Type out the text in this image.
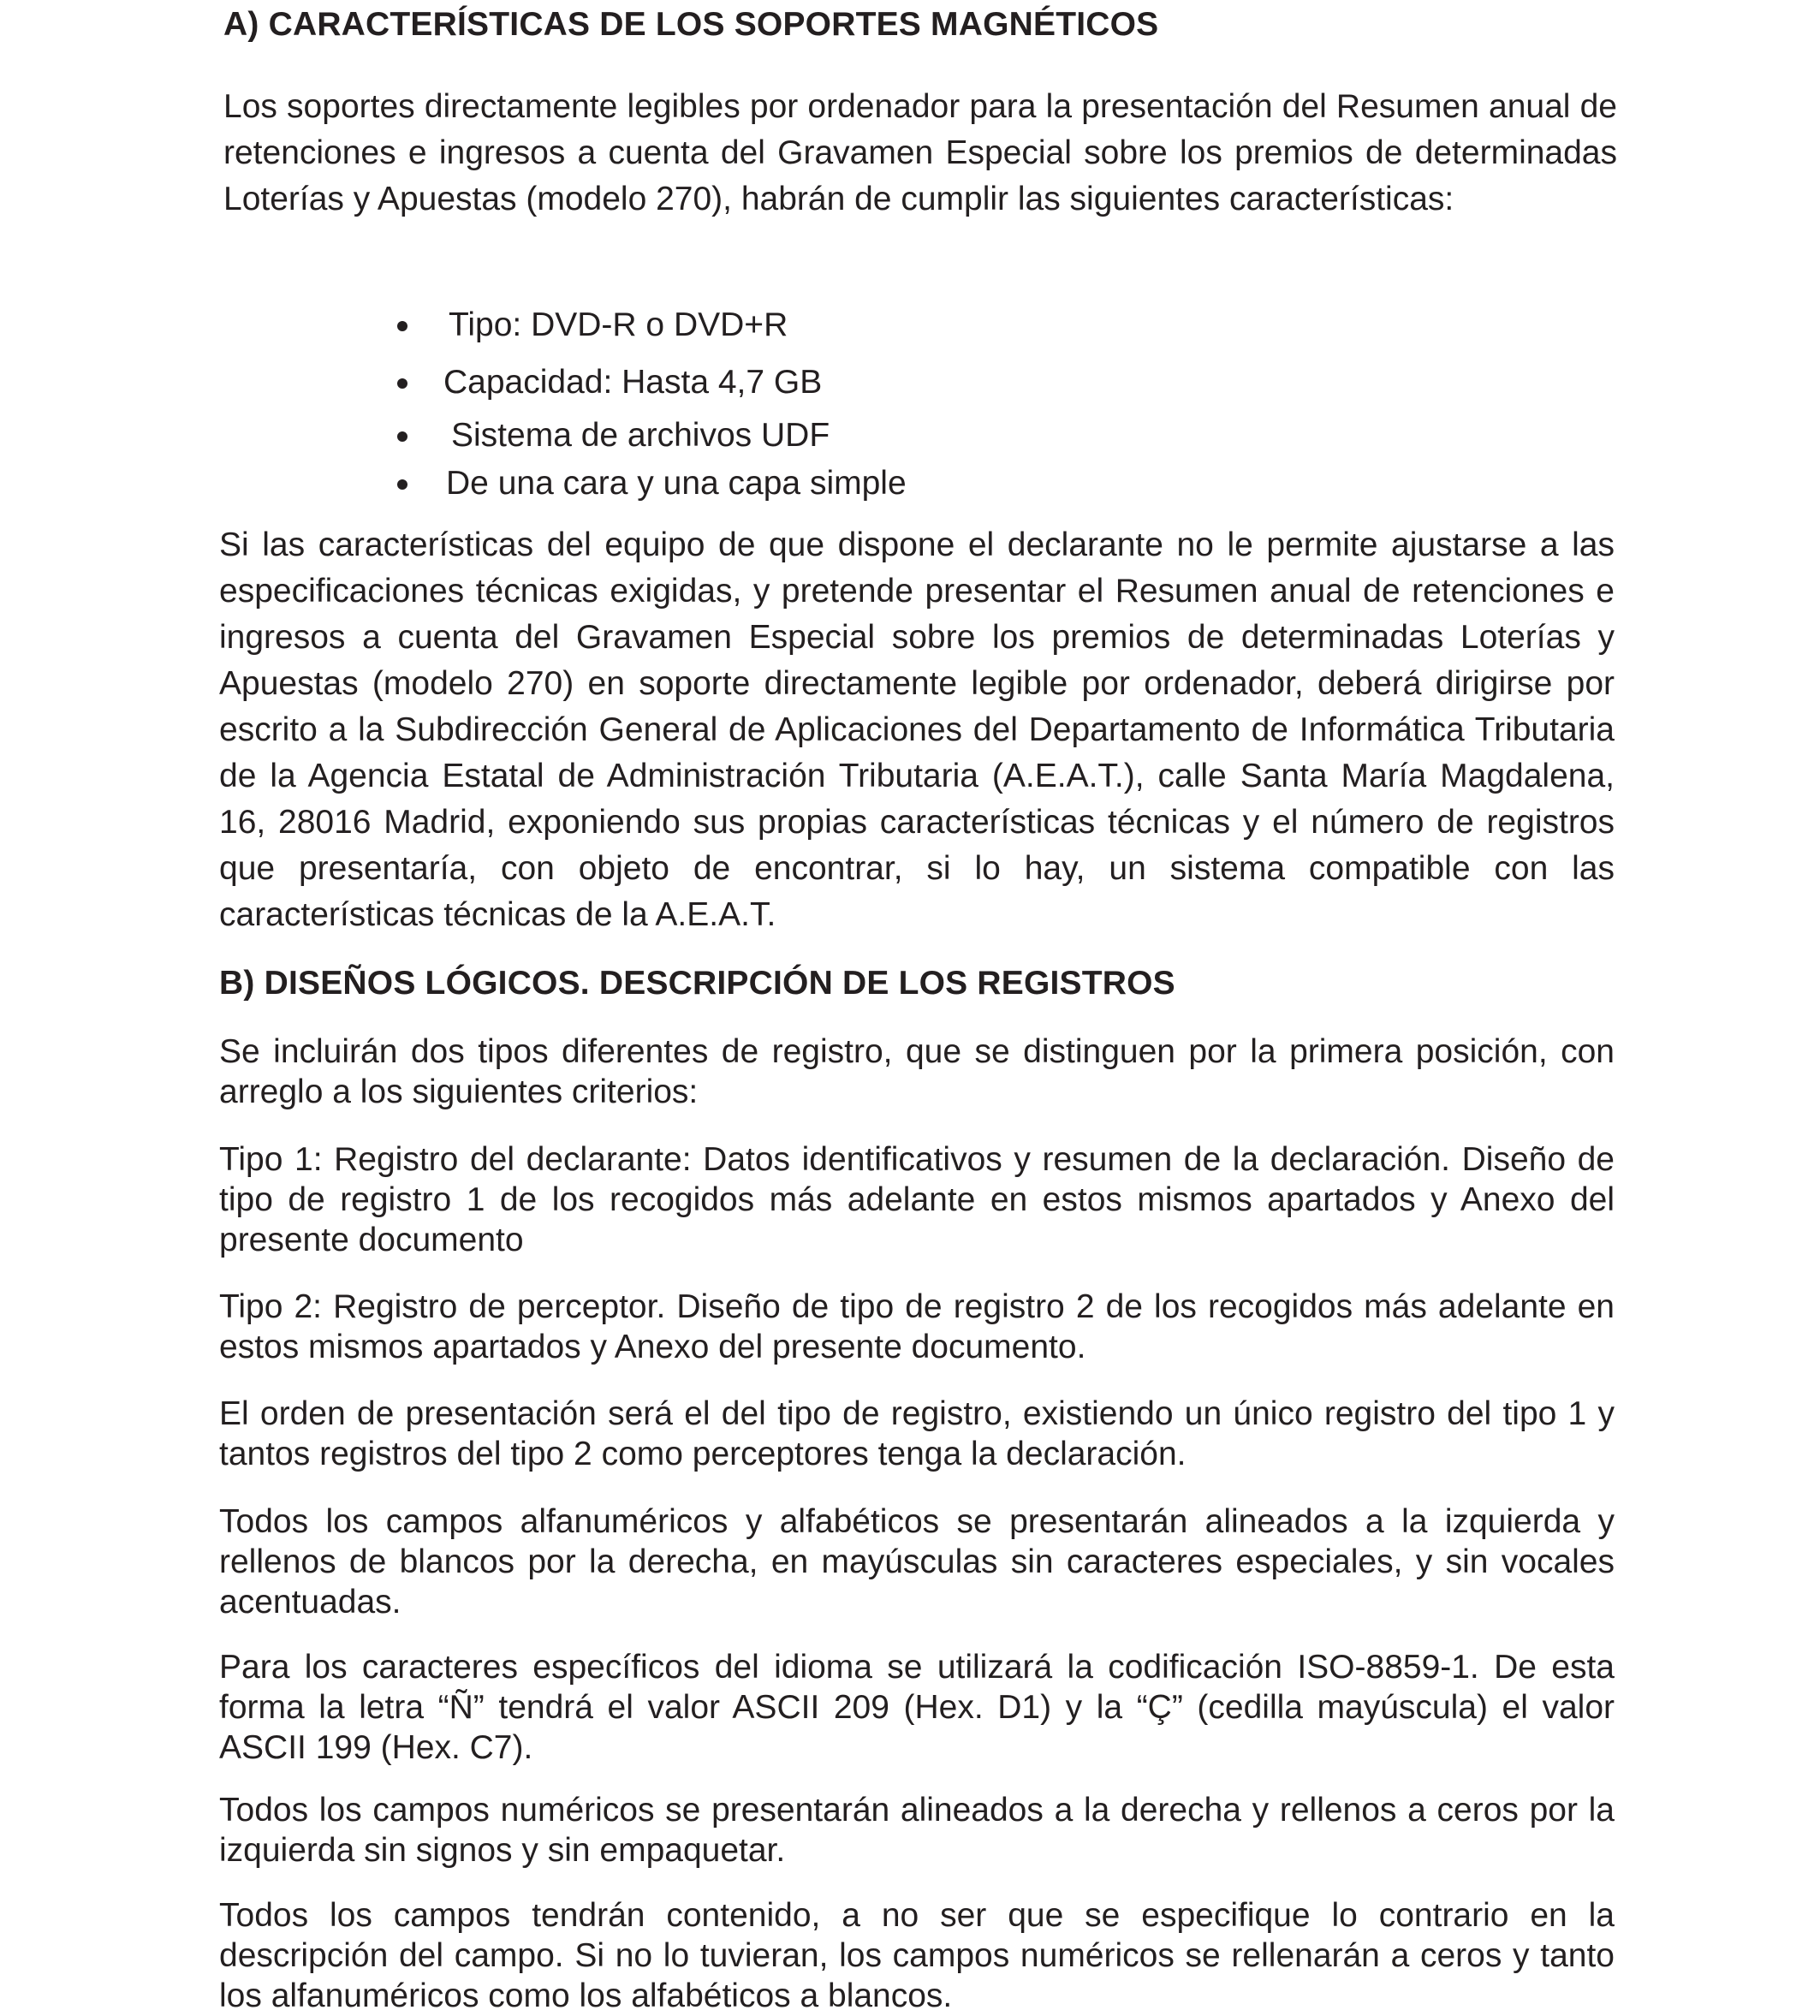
A) CARACTERÍSTICAS DE LOS SOPORTES MAGNÉTICOS

Los soportes directamente legibles por ordenador para la presentación del Resumen anual de retenciones e ingresos a cuenta del Gravamen Especial sobre los premios de determinadas Loterías y Apuestas (modelo 270), habrán de cumplir las siguientes características:

Tipo: DVD-R o DVD+R
Capacidad: Hasta 4,7 GB
Sistema de archivos UDF
De una cara y una capa simple

Si las características del equipo de que dispone el declarante no le permite ajustarse a las especificaciones técnicas exigidas, y pretende presentar el Resumen anual de retenciones e ingresos a cuenta del Gravamen Especial sobre los premios de determinadas Loterías y Apuestas (modelo 270) en soporte directamente legible por ordenador, deberá dirigirse por escrito a la Subdirección General de Aplicaciones del Departamento de Informática Tributaria de la Agencia Estatal de Administración Tributaria (A.E.A.T.), calle Santa María Magdalena, 16, 28016 Madrid, exponiendo sus propias características técnicas y el número de registros que presentaría, con objeto de encontrar, si lo hay, un sistema compatible con las características técnicas de la A.E.A.T.

B) DISEÑOS LÓGICOS. DESCRIPCIÓN DE LOS REGISTROS

Se incluirán dos tipos diferentes de registro, que se distinguen por la primera posición, con arreglo a los siguientes criterios:

Tipo 1: Registro del declarante: Datos identificativos y resumen de la declaración. Diseño de tipo de registro 1 de los recogidos más adelante en estos mismos apartados y Anexo del presente documento

Tipo 2: Registro de perceptor. Diseño de tipo de registro 2 de los recogidos más adelante en estos mismos apartados y Anexo del presente documento.

El orden de presentación será el del tipo de registro, existiendo un único registro del tipo 1 y tantos registros del tipo 2 como perceptores tenga la declaración.

Todos los campos alfanuméricos y alfabéticos se presentarán alineados a la izquierda y rellenos de blancos por la derecha, en mayúsculas sin caracteres especiales, y sin vocales acentuadas.

Para los caracteres específicos del idioma se utilizará la codificación ISO-8859-1. De esta forma la letra “Ñ” tendrá el valor ASCII 209 (Hex. D1) y la “Ç” (cedilla mayúscula) el valor ASCII 199 (Hex. C7).

Todos los campos numéricos se presentarán alineados a la derecha y rellenos a ceros por la izquierda sin signos y sin empaquetar.

Todos los campos tendrán contenido, a no ser que se especifique lo contrario en la descripción del campo. Si no lo tuvieran, los campos numéricos se rellenarán a ceros y tanto los alfanuméricos como los alfabéticos a blancos.
